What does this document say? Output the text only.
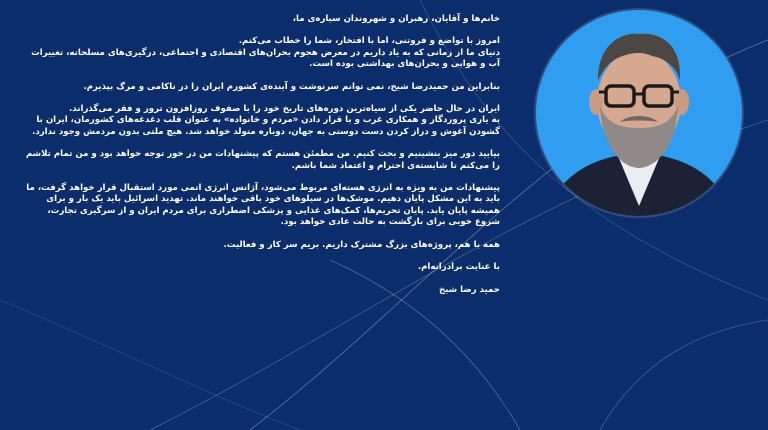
خانم‌ها و آقایان، رهبران و شهروندان سیاره‌ی ما،

امروز با تواضع و فروتنی، اما با افتخار، شما را خطاب می‌کنم.
دنیای ما از زمانی که به یاد داریم در معرض هجوم بحران‌های اقتصادی و اجتماعی، درگیری‌های مسلحانه، تغییرات آب و هوایی و بحران‌های بهداشتی بوده است.

بنابراین من حمیدرضا شیخ، نمی توانم سرنوشت و آینده‌ی کشورم ایران را در ناکامی و مرگ بپذیرم.

ایران در حال حاضر یکی از سیاه‌ترین دوره‌های تاریخ خود را با صفوف روزافزون ترور و فقر می‌گذراند.
به یاری پروردگار و همکاری غرب و با قرار دادن «مردم و خانواده» به عنوان قلب دغدغه‌های کشورمان، ایران با گشودن آغوش و دراز کردن دست دوستی به جهان، دوباره متولد خواهد شد. هیچ ملتی بدون مردمش وجود ندارد.

بیایید دور میز بنشینیم و بحث کنیم. من مطمئن هستم که پیشنهادات من در خور توجه خواهد بود و من تمام تلاشم را می‌کنم تا شایسته‌ی احترام و اعتماد شما باشم.

پیشنهادات من به ویژه به انرژی هسته‌ای مربوط می‌شود، آژانس انرژی اتمی مورد استقبال قرار خواهد گرفت، ما باید به این مشکل پایان دهیم. موشک‌ها در سیلوهای خود باقی خواهند ماند. تهدید اسرائیل باید یک بار و برای همیشه پایان یابد. پایان تحریم‌ها، کمک‌های غذایی و پزشکی اضطراری برای مردم ایران و از سرگیری تجارت، شروع خوبی برای بازگشت به حالت عادی خواهد بود.

همه با هم، پروژه‌های بزرگ مشترک داریم. بریم سر کار و فعالیت.

با عنایت برادرانه‌ام.

حمید رضا شیخ
